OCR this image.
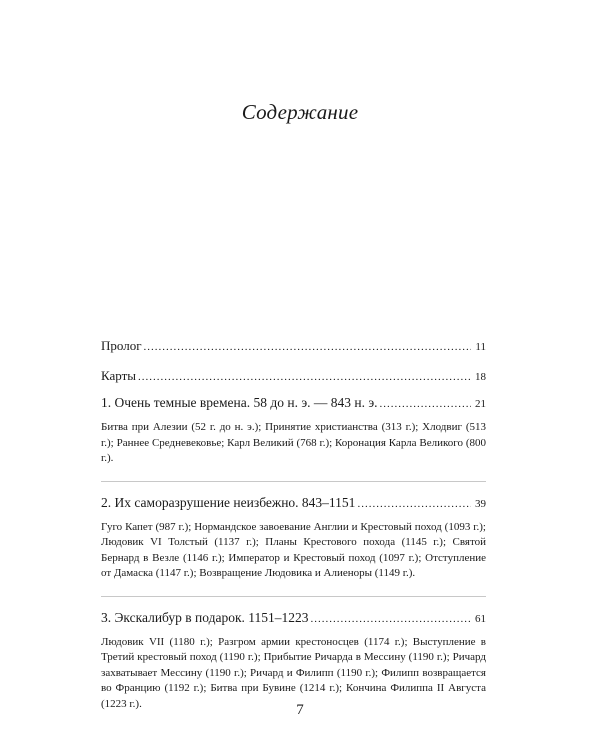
Содержание
Пролог .....	11
Карты .....	18
1. Очень темные времена. 58 до н. э. — 843 н. э. .....	21

Битва при Алезии (52 г. до н. э.); Принятие христианства (313 г.); Хлодвиг (513 г.); Раннее Средневековье; Карл Великий (768 г.); Коронация Карла Великого (800 г.).

2. Их саморазрушение неизбежно. 843–1151 .....	39

Гуго Капет (987 г.); Нормандское завоевание Англии и Крестовый поход (1093 г.); Людовик VI Толстый (1137 г.); Планы Крестового похода (1145 г.); Святой Бернард в Везле (1146 г.); Император и Крестовый поход (1097 г.); Отступление от Дамаска (1147 г.); Возвращение Людовика и Алиеноры (1149 г.).

3. Экскалибур в подарок. 1151–1223 .....	61

Людовик VII (1180 г.); Разгром армии крестоносцев (1174 г.); Выступление в Третий крестовый поход (1190 г.); Прибытие Ричарда в Мессину (1190 г.); Ричард захватывает Мессину (1190 г.); Ричард и Филипп (1190 г.); Филипп возвращается во Францию (1192 г.); Битва при Бувине (1214 г.); Кончина Филиппа II Августа (1223 г.).	7
